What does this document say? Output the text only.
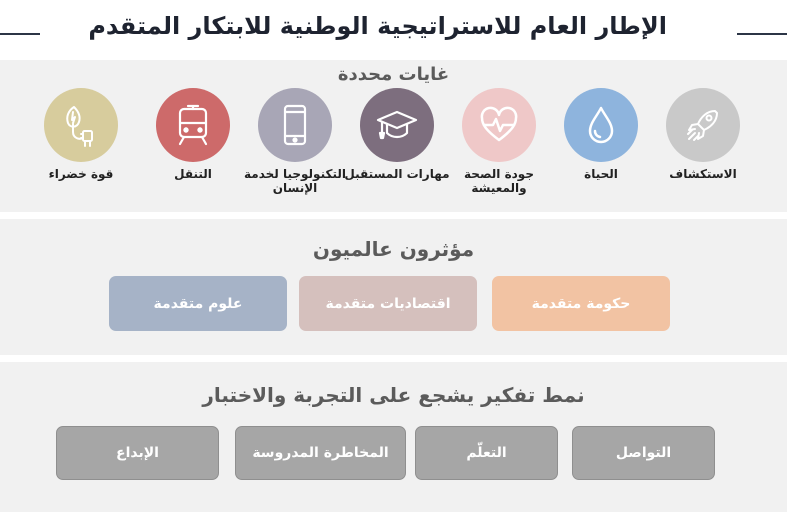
الإطار العام للاستراتيجية الوطنية للابتكار المتقدم
غايات محددة
الاستكشاف
الحياة
جودة الصحة والمعيشة
مهارات المستقبل
التكنولوجيا لخدمة الإنسان
التنقل
قوة خضراء
مؤثرون عالميون
حكومة متقدمة
اقتصاديات متقدمة
علوم متقدمة
نمط تفكير يشجع على التجربة والاختبار
التواصل
التعلّم
المخاطرة المدروسة
الإبداع
